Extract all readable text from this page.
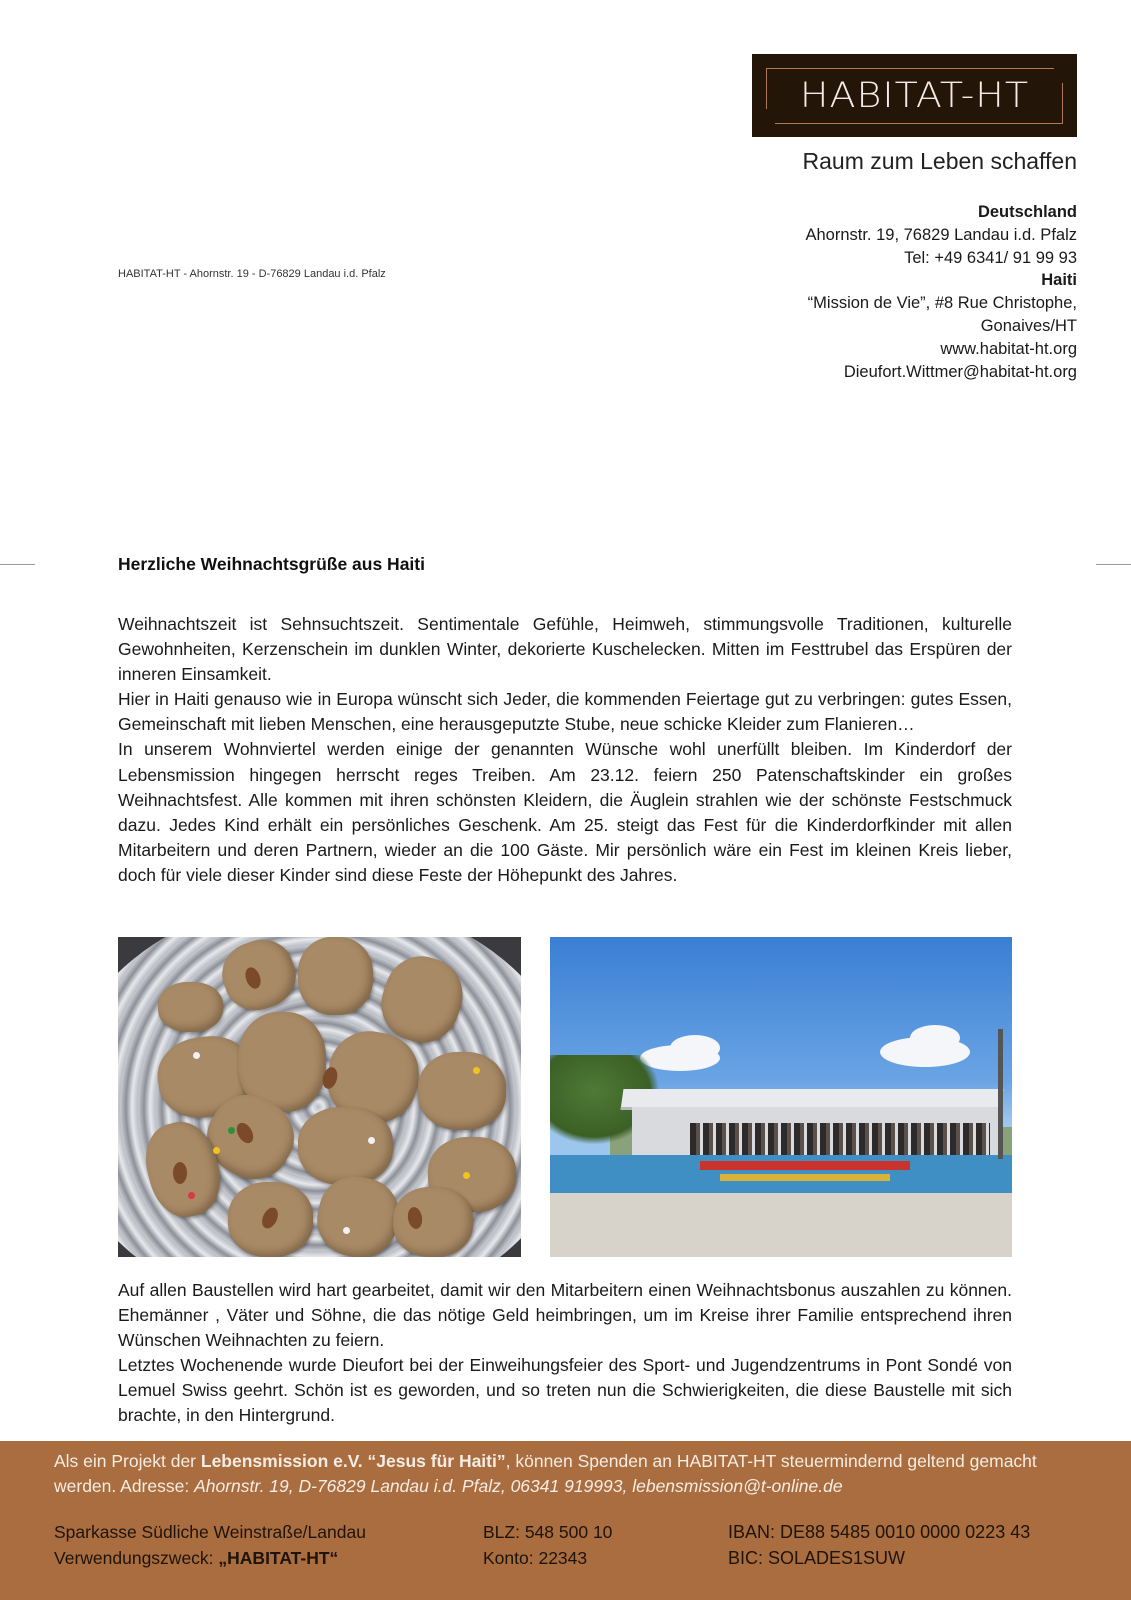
HABITAT-HT
Raum zum Leben schaffen
Deutschland
Ahornstr. 19, 76829 Landau i.d. Pfalz
Tel: +49 6341/ 91 99 93
Haiti
“Mission de Vie”, #8 Rue Christophe,
Gonaives/HT
www.habitat-ht.org
Dieufort.Wittmer@habitat-ht.org
HABITAT-HT - Ahornstr. 19 - D-76829 Landau i.d. Pfalz
Herzliche Weihnachtsgrüße aus Haiti

Weihnachtszeit ist Sehnsuchtszeit. Sentimentale Gefühle, Heimweh, stimmungsvolle Traditionen, kulturelle Gewohnheiten, Kerzenschein im dunklen Winter, dekorierte Kuschelecken. Mitten im Festtrubel das Erspüren der inneren Einsamkeit.

Hier in Haiti genauso wie in Europa wünscht sich Jeder, die kommenden Feiertage gut zu verbringen: gutes Essen, Gemeinschaft mit lieben Menschen, eine herausgeputzte Stube, neue schicke Kleider zum Flanieren…

In unserem Wohnviertel werden einige der genannten Wünsche wohl unerfüllt bleiben. Im Kinderdorf der Lebensmission hingegen herrscht reges Treiben. Am 23.12. feiern 250 Patenschaftskinder ein großes Weihnachtsfest. Alle kommen mit ihren schönsten Kleidern, die Äuglein strahlen wie der schönste Festschmuck dazu. Jedes Kind erhält ein persönliches Geschenk. Am 25. steigt das Fest für die Kinderdorfkinder mit allen Mitarbeitern und deren Partnern, wieder an die 100 Gäste. Mir persönlich wäre ein Fest im kleinen Kreis lieber, doch für viele dieser Kinder sind diese Feste der Höhepunkt des Jahres.

Auf allen Baustellen wird hart gearbeitet, damit wir den Mitarbeitern einen Weihnachtsbonus auszahlen zu können. Ehemänner , Väter und Söhne, die das nötige Geld heimbringen, um im Kreise ihrer Familie entsprechend ihren Wünschen Weihnachten zu feiern.

Letztes Wochenende wurde Dieufort bei der Einweihungsfeier des Sport- und Jugendzentrums in Pont Sondé von Lemuel Swiss geehrt. Schön ist es geworden, und so treten nun die Schwierigkeiten, die diese Baustelle mit sich brachte, in den Hintergrund.

Als ein Projekt der Lebensmission e.V. “Jesus für Haiti”, können Spenden an HABITAT-HT steuermindernd geltend gemacht werden. Adresse: Ahornstr. 19, D-76829 Landau i.d. Pfalz, 06341 919993, lebensmission@t-online.de
Sparkasse Südliche Weinstraße/Landau
Verwendungszweck: „HABITAT-HT“
BLZ: 548 500 10
Konto: 22343
IBAN: DE88 5485 0010 0000 0223 43
BIC: SOLADES1SUW
